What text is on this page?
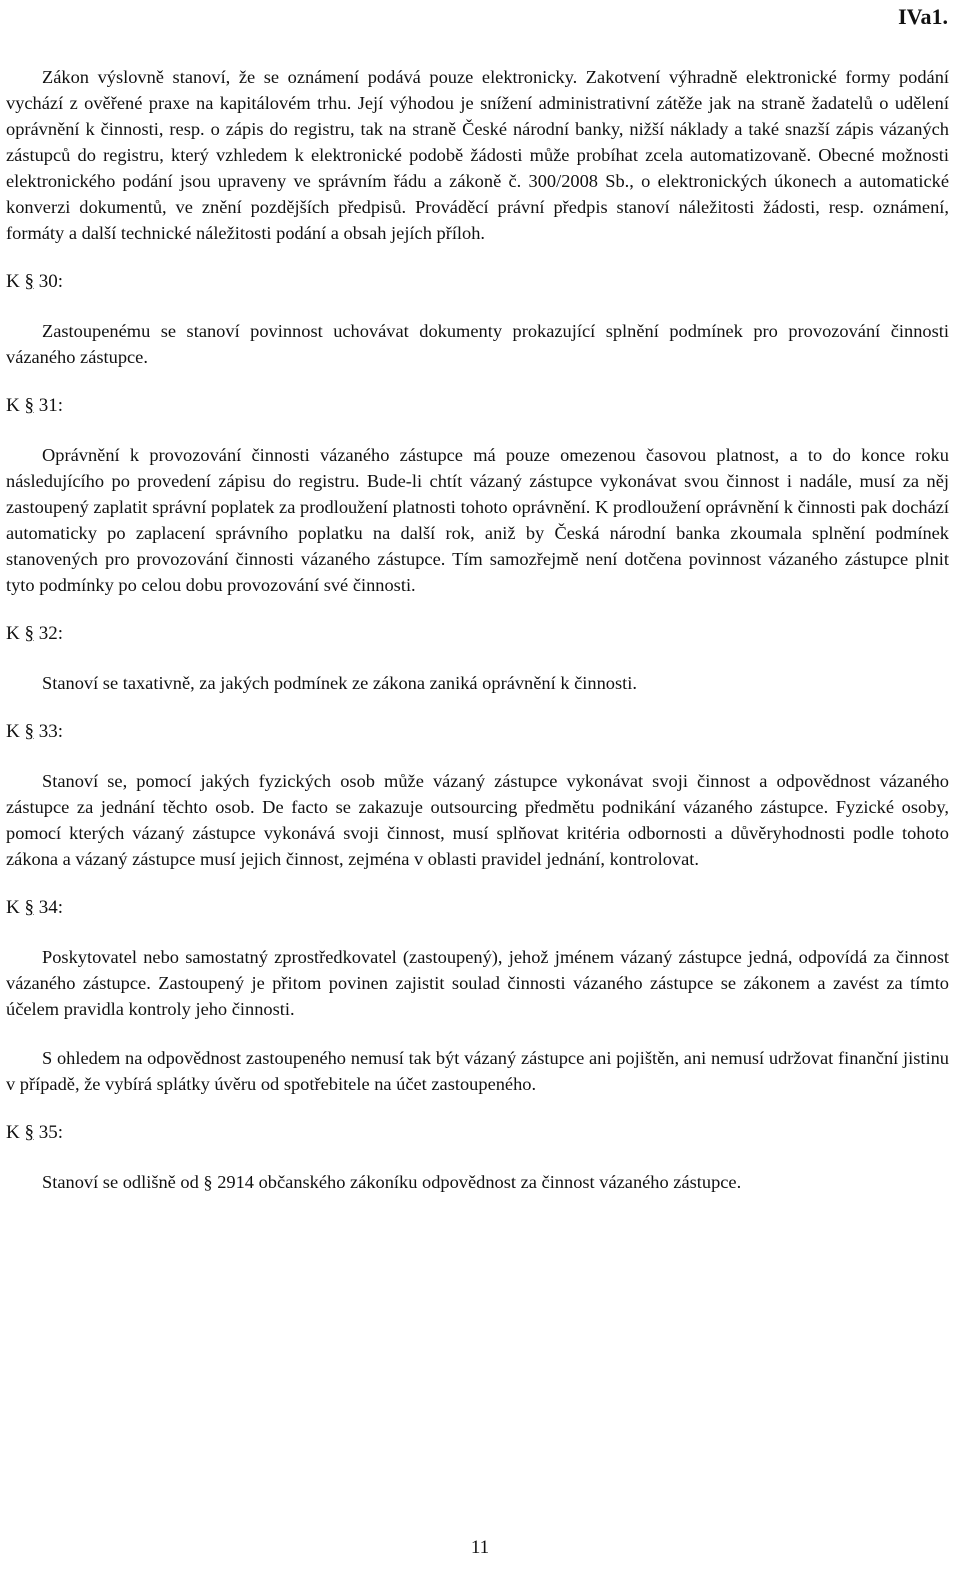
IVa1.

Zákon výslovně stanoví, že se oznámení podává pouze elektronicky. Zakotvení výhradně elektronické formy podání vychází z ověřené praxe na kapitálovém trhu. Její výhodou je snížení administrativní zátěže jak na straně žadatelů o udělení oprávnění k činnosti, resp. o zápis do registru, tak na straně České národní banky, nižší náklady a také snazší zápis vázaných zástupců do registru, který vzhledem k elektronické podobě žádosti může probíhat zcela automatizovaně. Obecné možnosti elektronického podání jsou upraveny ve správním řádu a zákoně č. 300/2008 Sb., o elektronických úkonech a automatické konverzi dokumentů, ve znění pozdějších předpisů. Prováděcí právní předpis stanoví náležitosti žádosti, resp. oznámení, formáty a další technické náležitosti podání a obsah jejích příloh.

K § 30:

Zastoupenému se stanoví povinnost uchovávat dokumenty prokazující splnění podmínek pro provozování činnosti vázaného zástupce.

K § 31:

Oprávnění k provozování činnosti vázaného zástupce má pouze omezenou časovou platnost, a to do konce roku následujícího po provedení zápisu do registru. Bude-li chtít vázaný zástupce vykonávat svou činnost i nadále, musí za něj zastoupený zaplatit správní poplatek za prodloužení platnosti tohoto oprávnění. K prodloužení oprávnění k činnosti pak dochází automaticky po zaplacení správního poplatku na další rok, aniž by Česká národní banka zkoumala splnění podmínek stanovených pro provozování činnosti vázaného zástupce. Tím samozřejmě není dotčena povinnost vázaného zástupce plnit tyto podmínky po celou dobu provozování své činnosti.

K § 32:

Stanoví se taxativně, za jakých podmínek ze zákona zaniká oprávnění k činnosti.

K § 33:

Stanoví se, pomocí jakých fyzických osob může vázaný zástupce vykonávat svoji činnost a odpovědnost vázaného zástupce za jednání těchto osob. De facto se zakazuje outsourcing předmětu podnikání vázaného zástupce. Fyzické osoby, pomocí kterých vázaný zástupce vykonává svoji činnost, musí splňovat kritéria odbornosti a důvěryhodnosti podle tohoto zákona a vázaný zástupce musí jejich činnost, zejména v oblasti pravidel jednání, kontrolovat.

K § 34:

Poskytovatel nebo samostatný zprostředkovatel (zastoupený), jehož jménem vázaný zástupce jedná, odpovídá za činnost vázaného zástupce. Zastoupený je přitom povinen zajistit soulad činnosti vázaného zástupce se zákonem a zavést za tímto účelem pravidla kontroly jeho činnosti.

S ohledem na odpovědnost zastoupeného nemusí tak být vázaný zástupce ani pojištěn, ani nemusí udržovat finanční jistinu v případě, že vybírá splátky úvěru od spotřebitele na účet zastoupeného.

K § 35:

Stanoví se odlišně od § 2914 občanského zákoníku odpovědnost za činnost vázaného zástupce.

11
